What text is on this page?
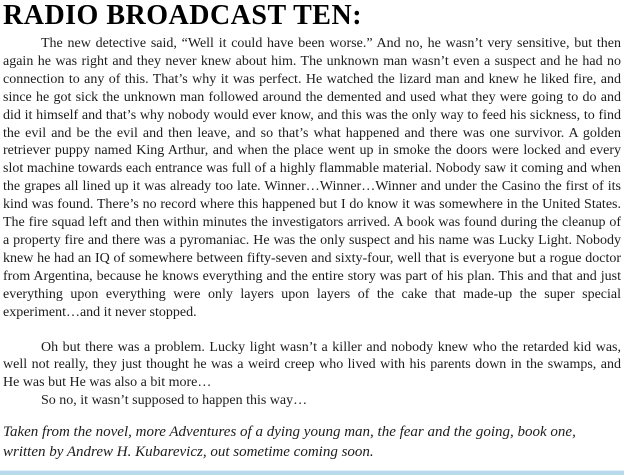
RADIO BROADCAST TEN:

The new detective said, “Well it could have been worse.” And no, he wasn’t very sensitive, but then again he was right and they never knew about him. The unknown man wasn’t even a suspect and he had no connection to any of this. That’s why it was perfect. He watched the lizard man and knew he liked fire, and since he got sick the unknown man followed around the demented and used what they were going to do and did it himself and that’s why nobody would ever know, and this was the only way to feed his sickness, to find the evil and be the evil and then leave, and so that’s what happened and there was one survivor. A golden retriever puppy named King Arthur, and when the place went up in smoke the doors were locked and every slot machine towards each entrance was full of a highly flammable material. Nobody saw it coming and when the grapes all lined up it was already too late. Winner…Winner…Winner and under the Casino the first of its kind was found. There’s no record where this happened but I do know it was somewhere in the United States. The fire squad left and then within minutes the investigators arrived. A book was found during the cleanup of a property fire and there was a pyromaniac. He was the only suspect and his name was Lucky Light. Nobody knew he had an IQ of somewhere between fifty-seven and sixty-four, well that is everyone but a rogue doctor from Argentina, because he knows everything and the entire story was part of his plan. This and that and just everything upon everything were only layers upon layers of the cake that made-up the super special experiment…and it never stopped.

Oh but there was a problem. Lucky light wasn’t a killer and nobody knew who the retarded kid was, well not really, they just thought he was a weird creep who lived with his parents down in the swamps, and He was but He was also a bit more…

So no, it wasn’t supposed to happen this way…

Taken from the novel, more Adventures of a dying young man, the fear and the going, book one, written by Andrew H. Kubarevicz, out sometime coming soon.
